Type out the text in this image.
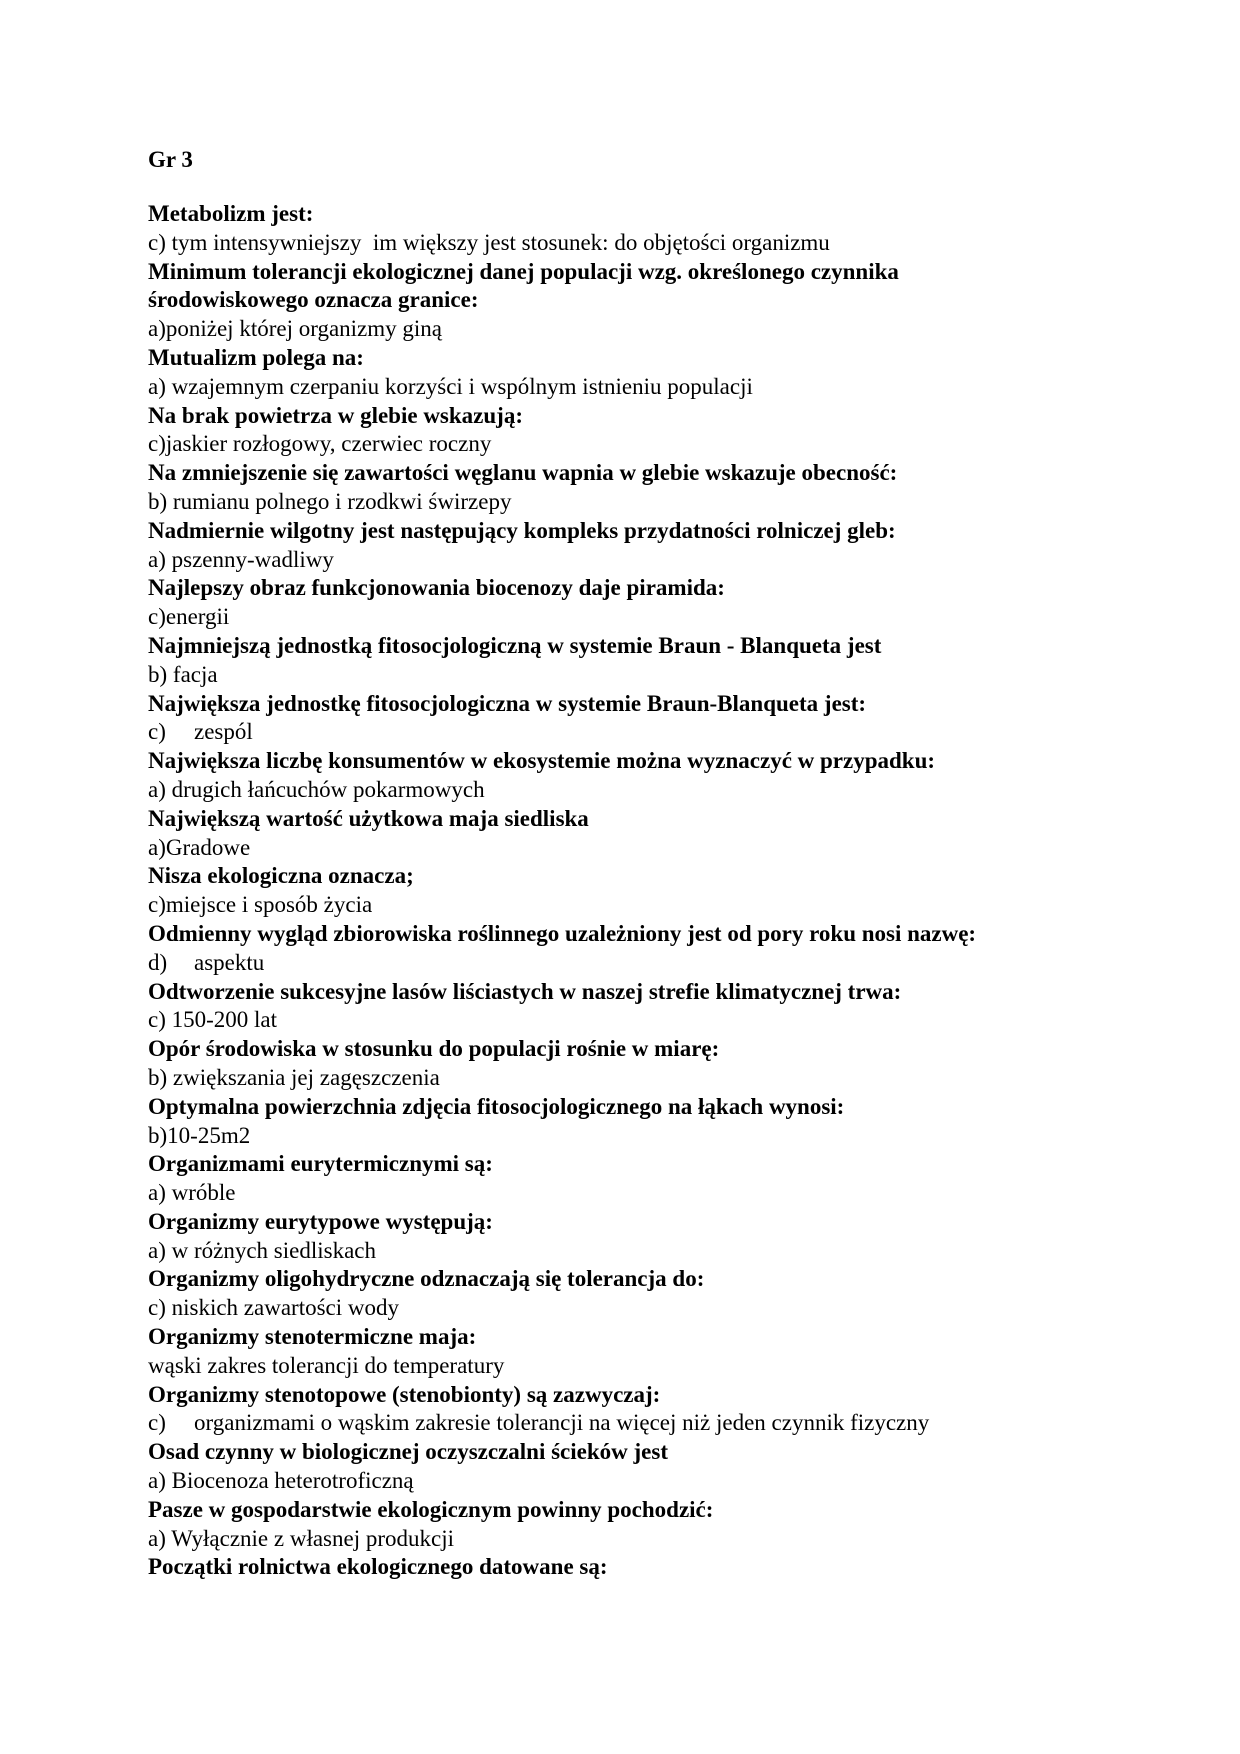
Gr 3
Metabolizm jest:
c) tym intensywniejszy  im większy jest stosunek: do objętości organizmu
Minimum tolerancji ekologicznej danej populacji wzg. określonego czynnika środowiskowego oznacza granice:
a)poniżej której organizmy giną
Mutualizm polega na:
a) wzajemnym czerpaniu korzyści i wspólnym istnieniu populacji
Na brak powietrza w glebie wskazują:
c)jaskier rozłogowy, czerwiec roczny
Na zmniejszenie się zawartości węglanu wapnia w glebie wskazuje obecność:
b) rumianu polnego i rzodkwi świrzepy
Nadmiernie wilgotny jest następujący kompleks przydatności rolniczej gleb:
a) pszenny-wadliwy
Najlepszy obraz funkcjonowania biocenozy daje piramida:
c)energii
Najmniejszą jednostką fitosocjologiczną w systemie Braun - Blanqueta jest
b) facja
Największa jednostkę fitosocjologiczna w systemie Braun-Blanqueta jest:
c)	zespól
Największa liczbę konsumentów w ekosystemie można wyznaczyć w przypadku:
a) drugich łańcuchów pokarmowych
Największą wartość użytkowa maja siedliska
a)Gradowe
Nisza ekologiczna oznacza;
c)miejsce i sposób życia
Odmienny wygląd zbiorowiska roślinnego uzależniony jest od pory roku nosi nazwę:
d)	aspektu
Odtworzenie sukcesyjne lasów liściastych w naszej strefie klimatycznej trwa:
c) 150-200 lat
Opór środowiska w stosunku do populacji rośnie w miarę:
b) zwiększania jej zagęszczenia
Optymalna powierzchnia zdjęcia fitosocjologicznego na łąkach wynosi:
b)10-25m2
Organizmami eurytermicznymi są:
a) wróble
Organizmy eurytypowe występują:
a) w różnych siedliskach
Organizmy oligohydryczne odznaczają się tolerancja do:
c) niskich zawartości wody
Organizmy stenotermiczne maja:
wąski zakres tolerancji do temperatury
Organizmy stenotopowe (stenobionty) są zazwyczaj:
c)	organizmami o wąskim zakresie tolerancji na więcej niż jeden czynnik fizyczny
Osad czynny w biologicznej oczyszczalni ścieków jest
a) Biocenoza heterotroficzną
Pasze w gospodarstwie ekologicznym powinny pochodzić:
a) Wyłącznie z własnej produkcji
Początki rolnictwa ekologicznego datowane są:
